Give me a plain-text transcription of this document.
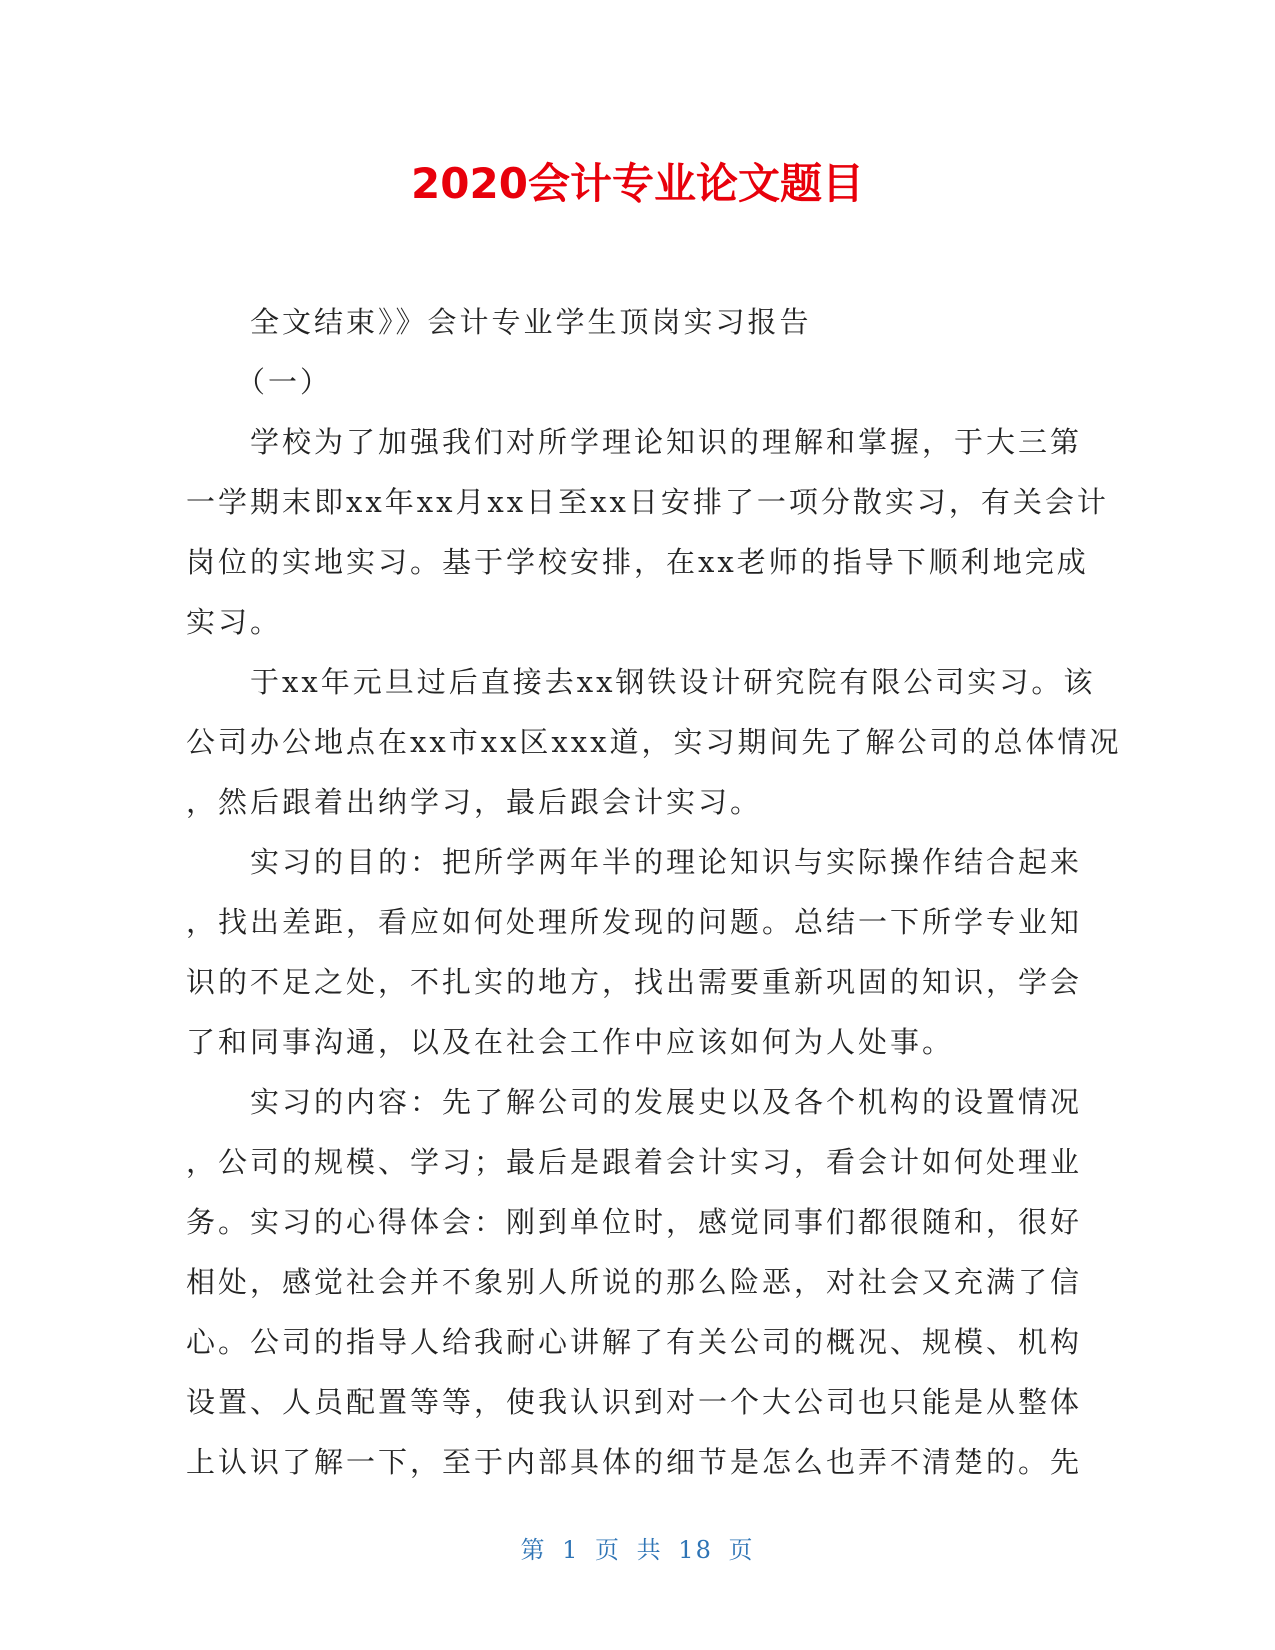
2020会计专业论文题目

全文结束》》会计专业学生顶岗实习报告

（一）

学校为了加强我们对所学理论知识的理解和掌握，于大三第
一学期末即xx年xx月xx日至xx日安排了一项分散实习，有关会计
岗位的实地实习。基于学校安排，在xx老师的指导下顺利地完成
实习。

于xx年元旦过后直接去xx钢铁设计研究院有限公司实习。该
公司办公地点在xx市xx区xxx道，实习期间先了解公司的总体情况
，然后跟着出纳学习，最后跟会计实习。

实习的目的：把所学两年半的理论知识与实际操作结合起来
，找出差距，看应如何处理所发现的问题。总结一下所学专业知
识的不足之处，不扎实的地方，找出需要重新巩固的知识，学会
了和同事沟通，以及在社会工作中应该如何为人处事。

实习的内容：先了解公司的发展史以及各个机构的设置情况
，公司的规模、学习；最后是跟着会计实习，看会计如何处理业
务。实习的心得体会：刚到单位时，感觉同事们都很随和，很好
相处，感觉社会并不象别人所说的那么险恶，对社会又充满了信
心。公司的指导人给我耐心讲解了有关公司的概况、规模、机构
设置、人员配置等等，使我认识到对一个大公司也只能是从整体
上认识了解一下，至于内部具体的细节是怎么也弄不清楚的。先

第 1 页 共 18 页
